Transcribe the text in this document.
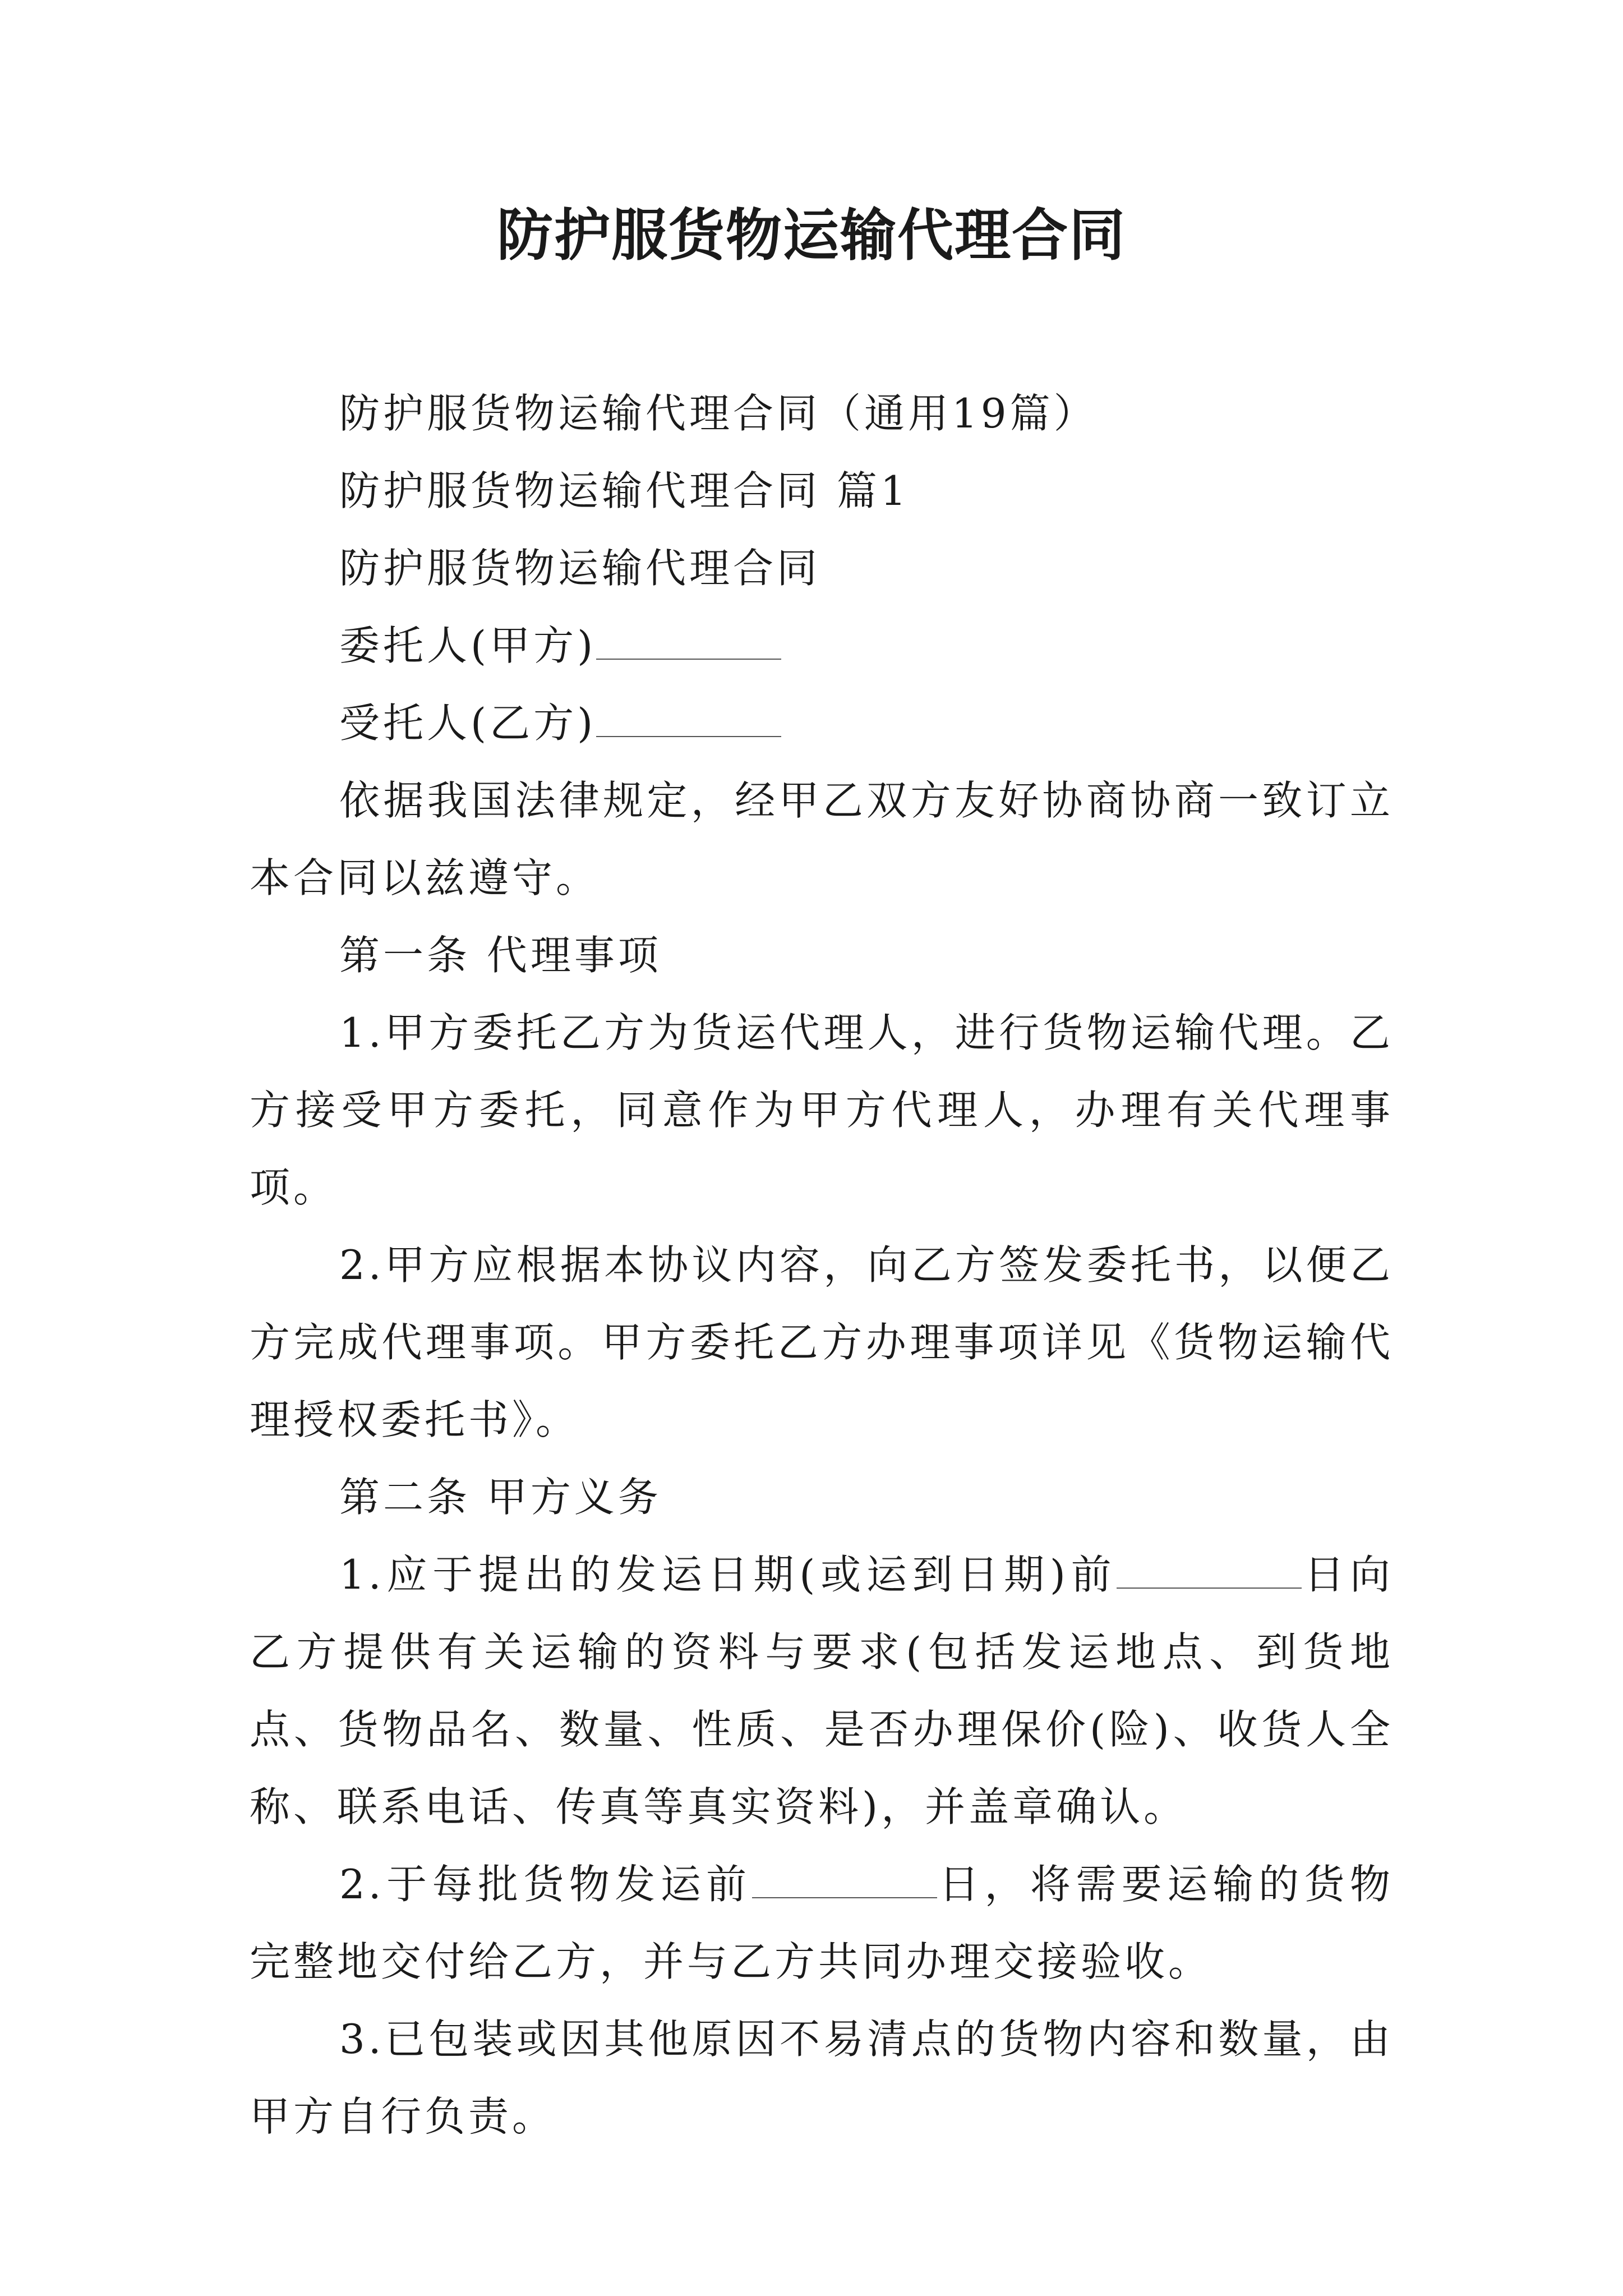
防护服货物运输代理合同

防护服货物运输代理合同（通用19篇）

防护服货物运输代理合同 篇1

防护服货物运输代理合同

委托人(甲方)

受托人(乙方)

依据我国法律规定，经甲乙双方友好协商协商一致订立本合同以兹遵守。

第一条 代理事项

1.甲方委托乙方为货运代理人，进行货物运输代理。乙方接受甲方委托，同意作为甲方代理人，办理有关代理事项。

2.甲方应根据本协议内容，向乙方签发委托书，以便乙方完成代理事项。甲方委托乙方办理事项详见《货物运输代理授权委托书》。

第二条 甲方义务

1.应于提出的发运日期(或运到日期)前	日向乙方提供有关运输的资料与要求(包括发运地点、到货地点、货物品名、数量、性质、是否办理保价(险)、收货人全称、联系电话、传真等真实资料)，并盖章确认。

2.于每批货物发运前	日，将需要运输的货物完整地交付给乙方，并与乙方共同办理交接验收。

3.已包装或因其他原因不易清点的货物内容和数量，由甲方自行负责。
